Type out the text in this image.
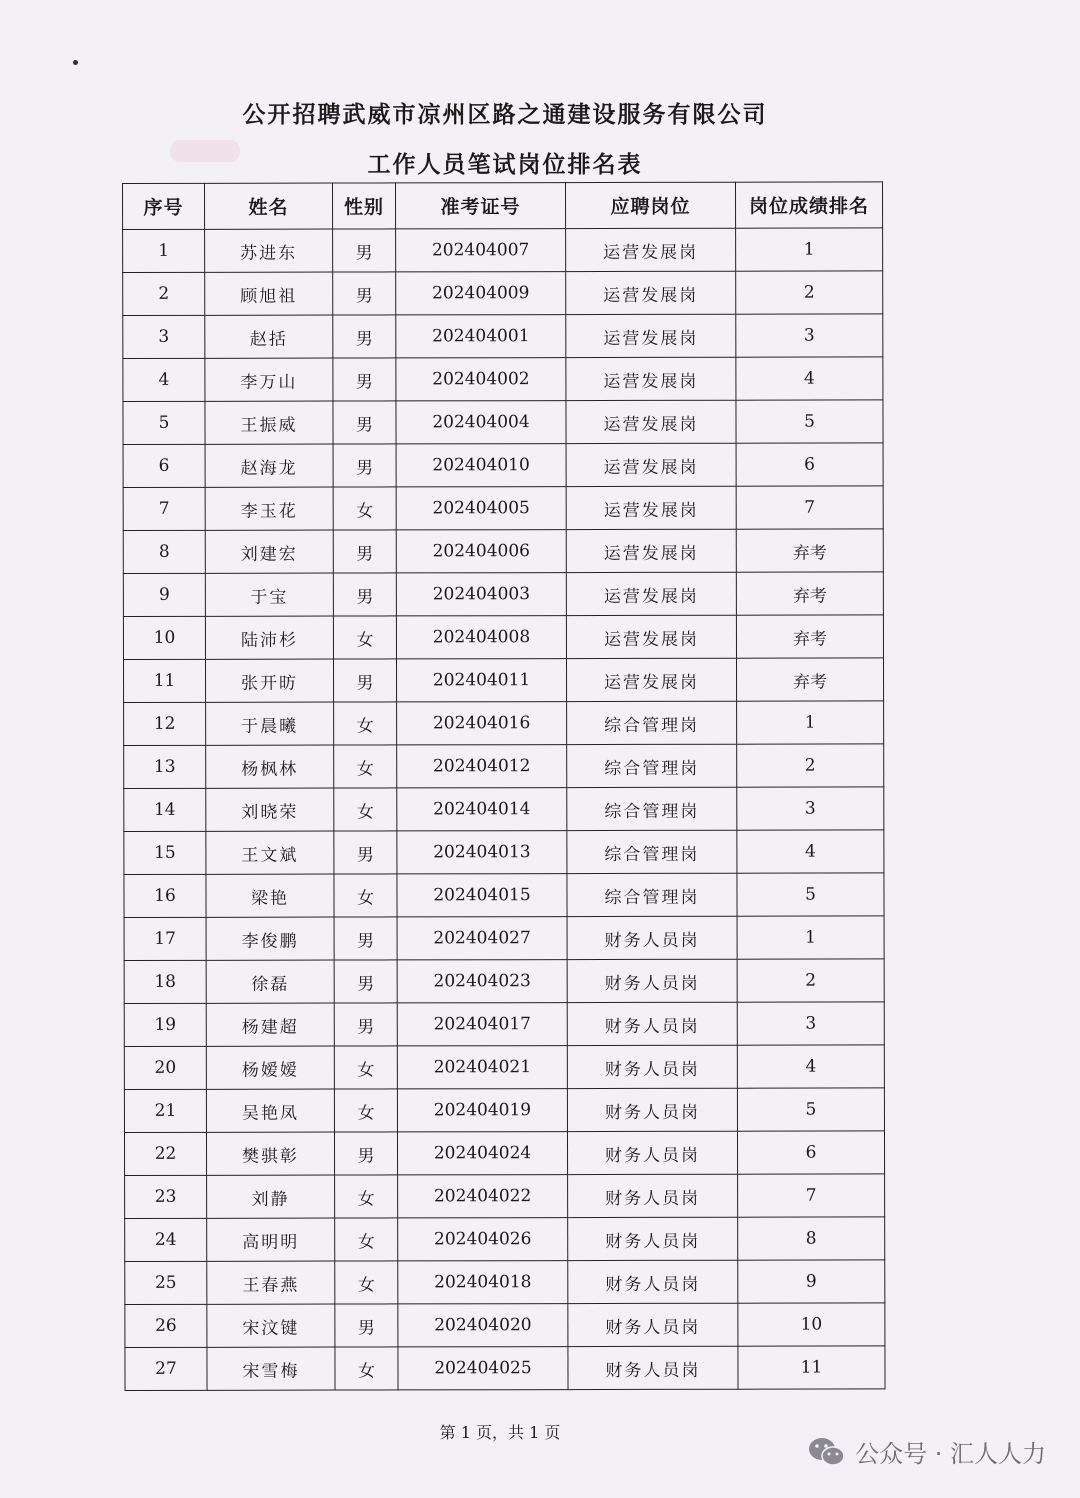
公开招聘武威市凉州区路之通建设服务有限公司
工作人员笔试岗位排名表
序号	姓名	性别	准考证号	应聘岗位	岗位成绩排名
1	苏进东	男	202404007	运营发展岗	1
2	顾旭祖	男	202404009	运营发展岗	2
3	赵括	男	202404001	运营发展岗	3
4	李万山	男	202404002	运营发展岗	4
5	王振威	男	202404004	运营发展岗	5
6	赵海龙	男	202404010	运营发展岗	6
7	李玉花	女	202404005	运营发展岗	7
8	刘建宏	男	202404006	运营发展岗	弃考
9	于宝	男	202404003	运营发展岗	弃考
10	陆沛杉	女	202404008	运营发展岗	弃考
11	张开昉	男	202404011	运营发展岗	弃考
12	于晨曦	女	202404016	综合管理岗	1
13	杨枫林	女	202404012	综合管理岗	2
14	刘晓荣	女	202404014	综合管理岗	3
15	王文斌	男	202404013	综合管理岗	4
16	梁艳	女	202404015	综合管理岗	5
17	李俊鹏	男	202404027	财务人员岗	1
18	徐磊	男	202404023	财务人员岗	2
19	杨建超	男	202404017	财务人员岗	3
20	杨嫒嫒	女	202404021	财务人员岗	4
21	吴艳凤	女	202404019	财务人员岗	5
22	樊骐彰	男	202404024	财务人员岗	6
23	刘静	女	202404022	财务人员岗	7
24	高明明	女	202404026	财务人员岗	8
25	王春燕	女	202404018	财务人员岗	9
26	宋汶键	男	202404020	财务人员岗	10
27	宋雪梅	女	202404025	财务人员岗	11
第 1 页，共 1 页
公众号 · 汇人人力
